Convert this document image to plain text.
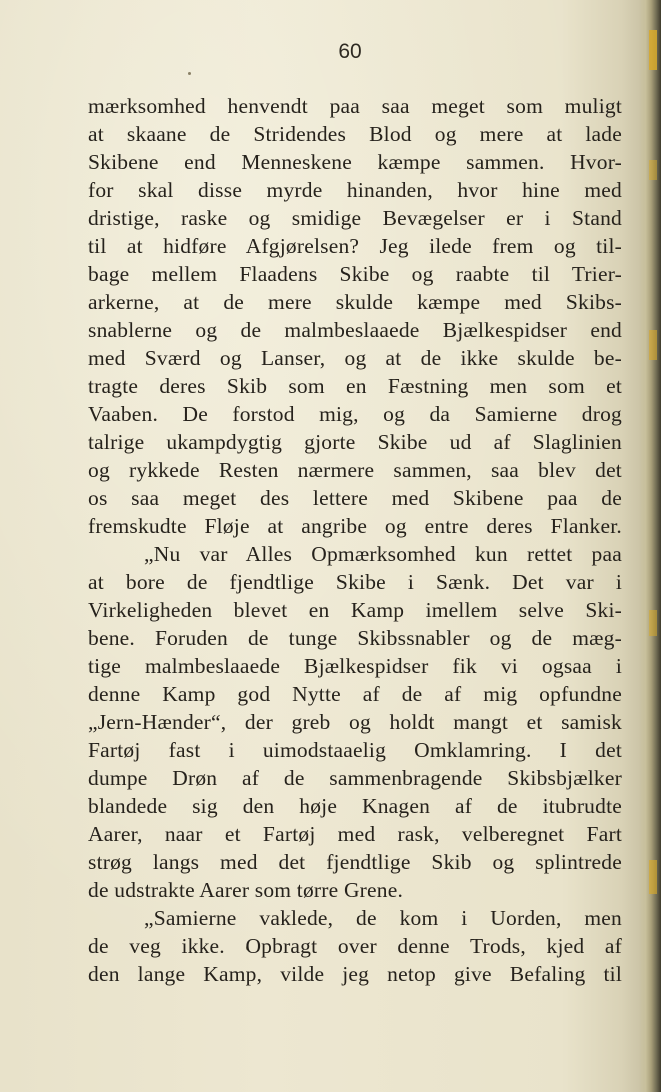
60
mærksomhed henvendt paa saa meget som muligt
at skaane de Stridendes Blod og mere at lade
Skibene end Menneskene kæmpe sammen. Hvor-
for skal disse myrde hinanden, hvor hine med
dristige, raske og smidige Bevægelser er i Stand
til at hidføre Afgjørelsen? Jeg ilede frem og til-
bage mellem Flaadens Skibe og raabte til Trier-
arkerne, at de mere skulde kæmpe med Skibs-
snablerne og de malmbeslaaede Bjælkespidser end
med Sværd og Lanser, og at de ikke skulde be-
tragte deres Skib som en Fæstning men som et
Vaaben. De forstod mig, og da Samierne drog
talrige ukampdygtig gjorte Skibe ud af Slaglinien
og rykkede Resten nærmere sammen, saa blev det
os saa meget des lettere med Skibene paa de
fremskudte Fløje at angribe og entre deres Flanker.
„Nu var Alles Opmærksomhed kun rettet paa
at bore de fjendtlige Skibe i Sænk. Det var i
Virkeligheden blevet en Kamp imellem selve Ski-
bene. Foruden de tunge Skibssnabler og de mæg-
tige malmbeslaaede Bjælkespidser fik vi ogsaa i
denne Kamp god Nytte af de af mig opfundne
„Jern-Hænder“, der greb og holdt mangt et samisk
Fartøj fast i uimodstaaelig Omklamring. I det
dumpe Drøn af de sammenbragende Skibsbjælker
blandede sig den høje Knagen af de itubrudte
Aarer, naar et Fartøj med rask, velberegnet Fart
strøg langs med det fjendtlige Skib og splintrede
de udstrakte Aarer som tørre Grene.
„Samierne vaklede, de kom i Uorden, men
de veg ikke. Opbragt over denne Trods, kjed af
den lange Kamp, vilde jeg netop give Befaling til
